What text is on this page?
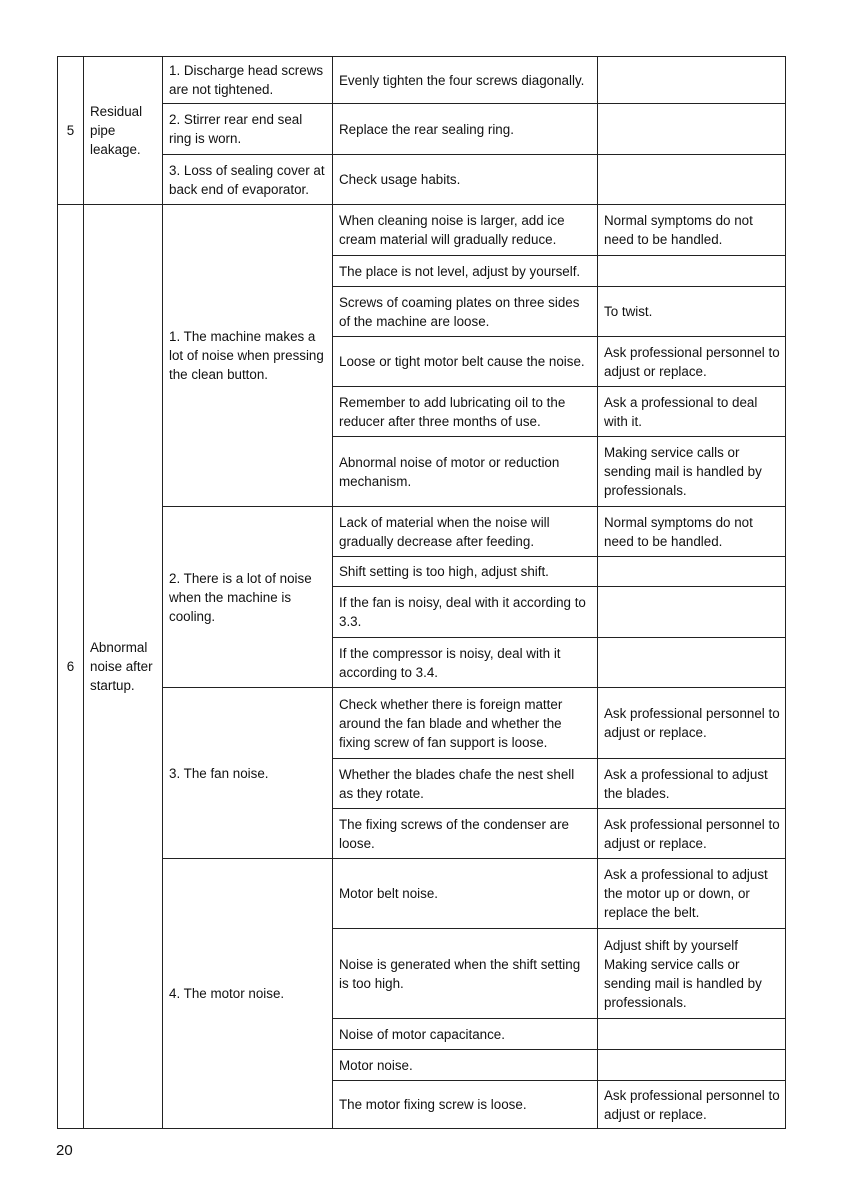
5	Residual pipe leakage.	1. Discharge head screws are not tightened.	Evenly tighten the four screws diagonally.	
		2. Stirrer rear end seal ring is worn.	Replace the rear sealing ring.	
		3. Loss of sealing cover at back end of evaporator.	Check usage habits.	
6	Abnormal noise after startup.	1. The machine makes a lot of noise when pressing the clean button.	When cleaning noise is larger, add ice cream material will gradually reduce.	Normal symptoms do not need to be handled.
			The place is not level, adjust by yourself.	
			Screws of coaming plates on three sides of the machine are loose.	To twist.
			Loose or tight motor belt cause the noise.	Ask professional personnel to adjust or replace.
			Remember to add lubricating oil to the reducer after three months of use.	Ask a professional to deal with it.
			Abnormal noise of motor or reduction mechanism.	Making service calls or sending mail is handled by professionals.
		2. There is a lot of noise when the machine is cooling.	Lack of material when the noise will gradually decrease after feeding.	Normal symptoms do not need to be handled.
			Shift setting is too high, adjust shift.	
			If the fan is noisy, deal with it according to 3.3.	
			If the compressor is noisy, deal with it according to 3.4.	
		3. The fan noise.	Check whether there is foreign matter around the fan blade and whether the fixing screw of fan support is loose.	Ask professional personnel to adjust or replace.
			Whether the blades chafe the nest shell as they rotate.	Ask a professional to adjust the blades.
			The fixing screws of the condenser are loose.	Ask professional personnel to adjust or replace.
		4. The motor noise.	Motor belt noise.	Ask a professional to adjust the motor up or down, or replace the belt.
			Noise is generated when the shift setting is too high.	Adjust shift by yourself Making service calls or sending mail is handled by professionals.
			Noise of motor capacitance.	
			Motor noise.	
			The motor fixing screw is loose.	Ask professional personnel to adjust or replace.
20
